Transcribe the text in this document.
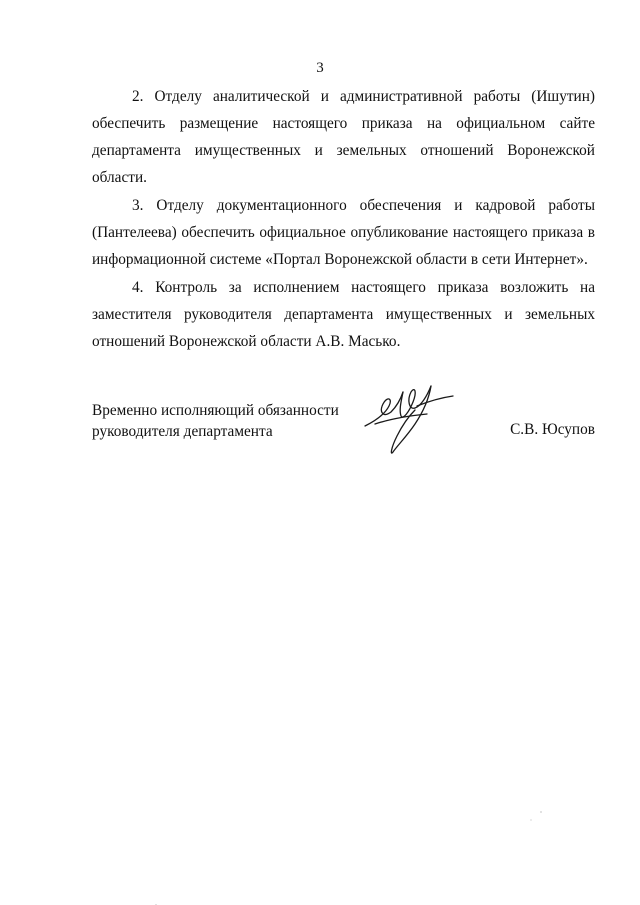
3

2. Отделу аналитической и административной работы (Ишутин) обеспечить размещение настоящего приказа на официальном сайте департамента имущественных и земельных отношений Воронежской области.

3. Отделу документационного обеспечения и кадровой работы (Пантелеева) обеспечить официальное опубликование настоящего приказа в информационной системе «Портал Воронежской области в сети Интернет».

4. Контроль за исполнением настоящего приказа возложить на заместителя руководителя департамента имущественных и земельных отношений Воронежской области А.В. Масько.

Временно исполняющий обязанности
руководителя департамента	С.В. Юсупов
